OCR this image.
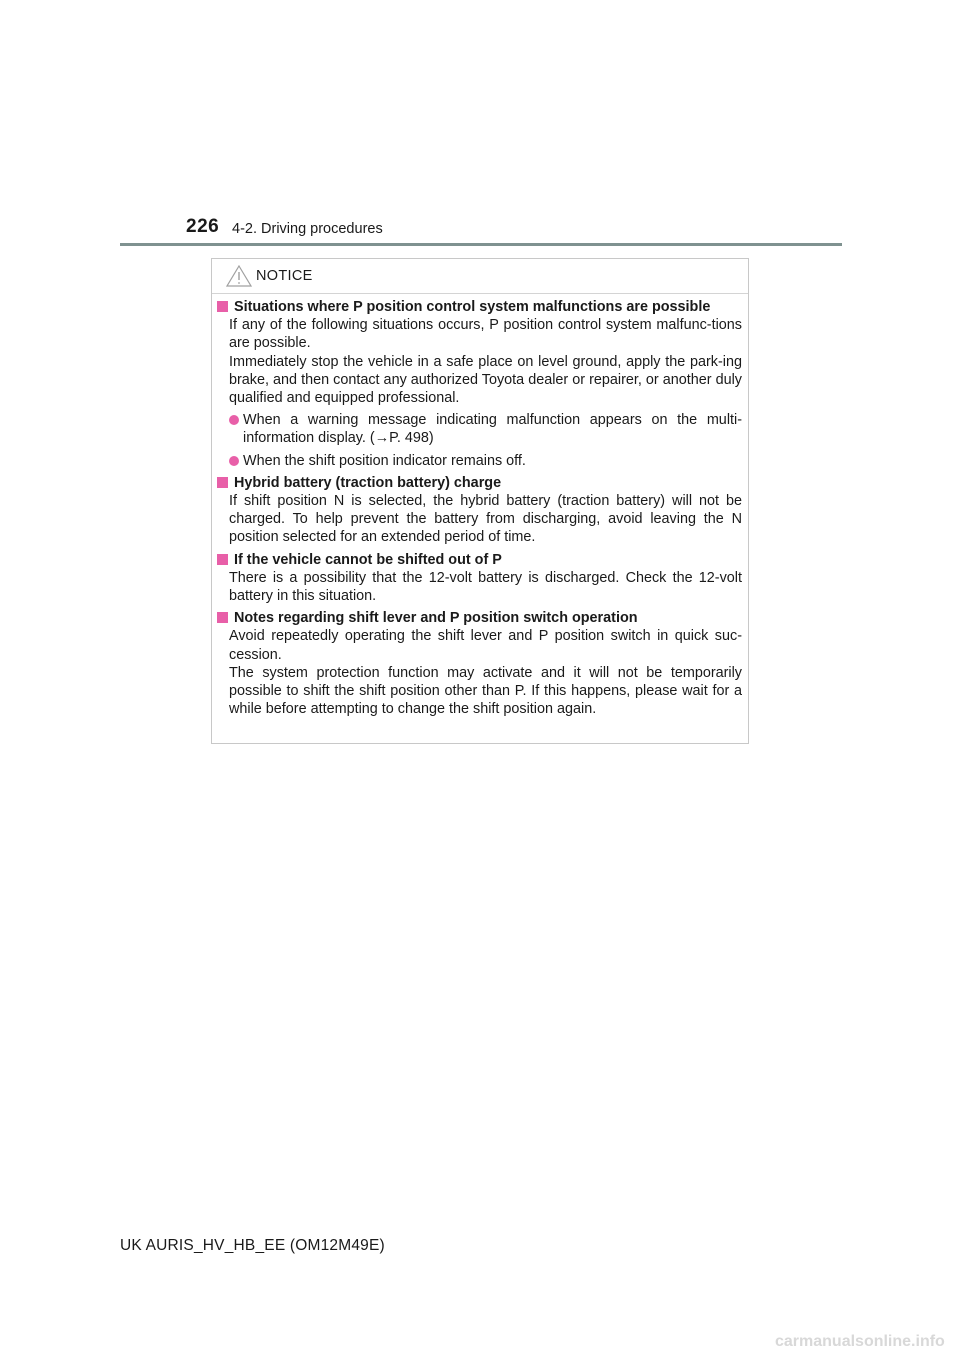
226 4-2. Driving procedures
NOTICE
Situations where P position control system malfunctions are possible
If any of the following situations occurs, P position control system malfunc-tions are possible.
Immediately stop the vehicle in a safe place on level ground, apply the park-ing brake, and then contact any authorized Toyota dealer or repairer, or another duly qualified and equipped professional.
When a warning message indicating malfunction appears on the multi-information display. (→P. 498)
When the shift position indicator remains off.
Hybrid battery (traction battery) charge
If shift position N is selected, the hybrid battery (traction battery) will not be charged. To help prevent the battery from discharging, avoid leaving the N position selected for an extended period of time.
If the vehicle cannot be shifted out of P
There is a possibility that the 12-volt battery is discharged. Check the 12-volt battery in this situation.
Notes regarding shift lever and P position switch operation
Avoid repeatedly operating the shift lever and P position switch in quick suc-cession.
The system protection function may activate and it will not be temporarily possible to shift the shift position other than P. If this happens, please wait for a while before attempting to change the shift position again.
UK AURIS_HV_HB_EE (OM12M49E)
carmanualsonline.info
